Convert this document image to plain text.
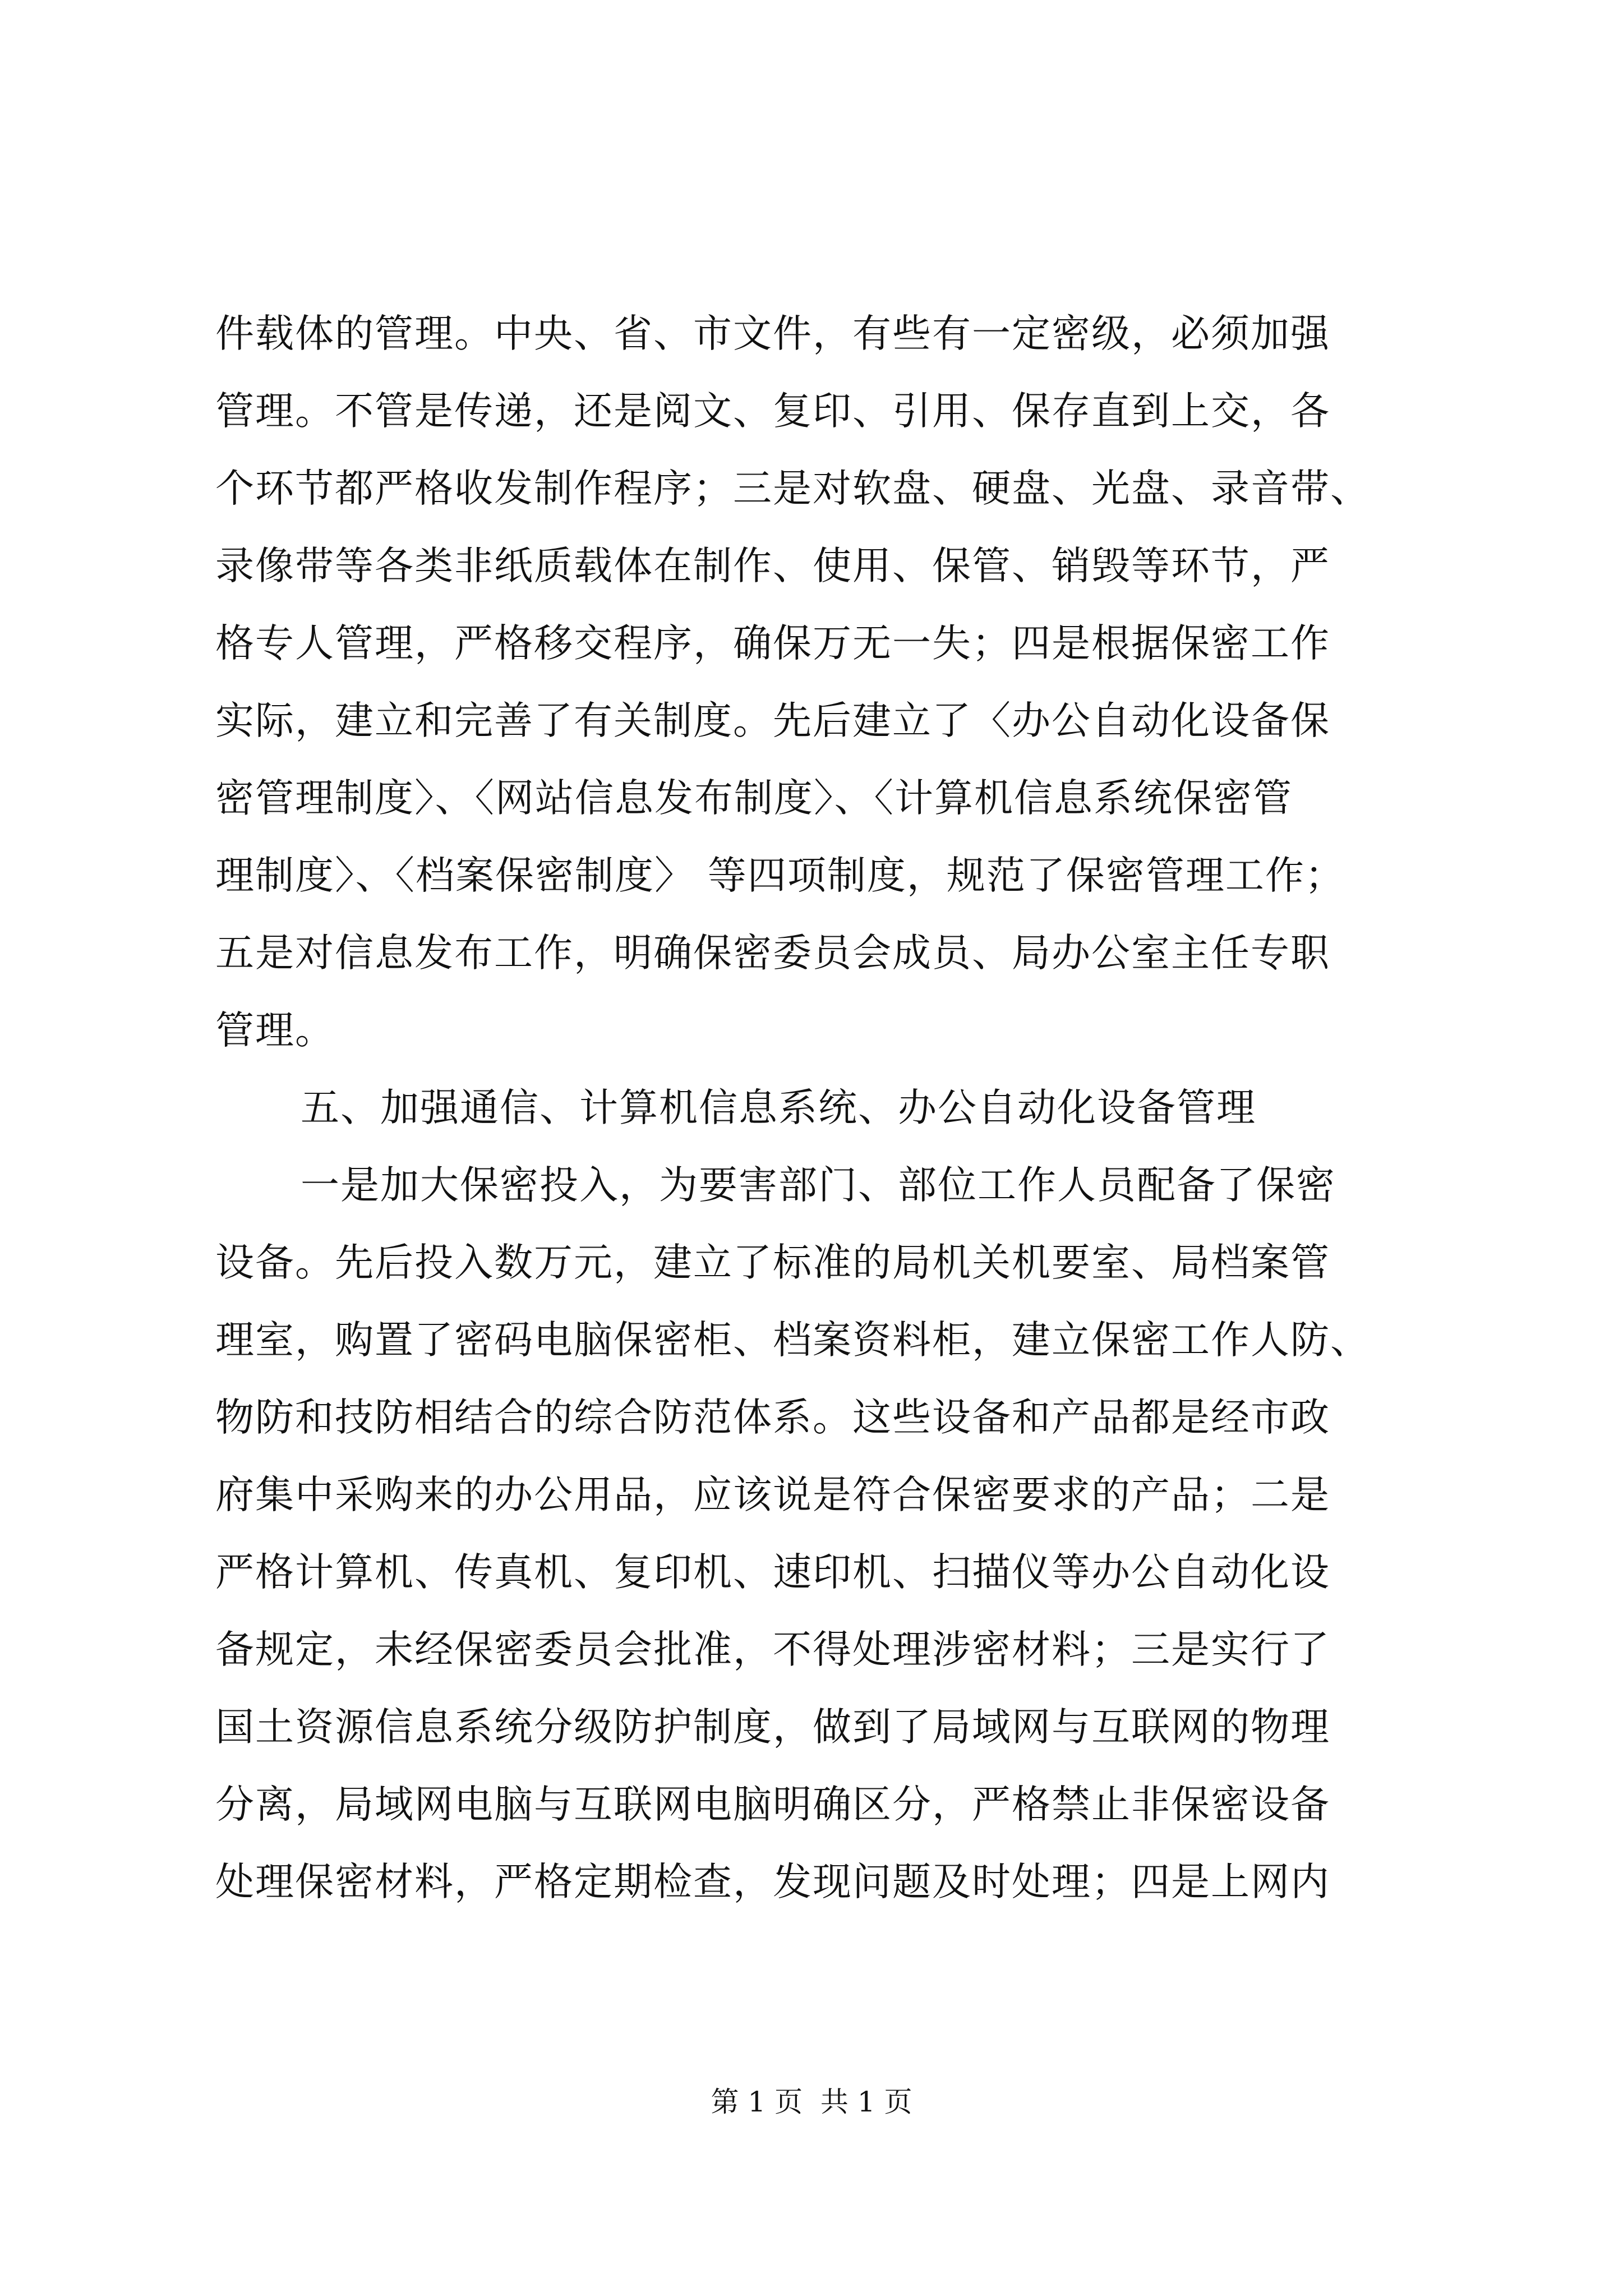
件载体的管理。中央、省、市文件，有些有一定密级，必须加强
管理。不管是传递，还是阅文、复印、引用、保存直到上交，各
个环节都严格收发制作程序；三是对软盘、硬盘、光盘、录音带、
录像带等各类非纸质载体在制作、使用、保管、销毁等环节，严
格专人管理，严格移交程序，确保万无一失；四是根据保密工作
实际，建立和完善了有关制度。先后建立了〈办公自动化设备保
密管理制度〉、〈网站信息发布制度〉、〈计算机信息系统保密管
理制度〉、〈档案保密制度〉 等四项制度，规范了保密管理工作；
五是对信息发布工作，明确保密委员会成员、局办公室主任专职
管理。
五、加强通信、计算机信息系统、办公自动化设备管理
一是加大保密投入，为要害部门、部位工作人员配备了保密
设备。先后投入数万元，建立了标准的局机关机要室、局档案管
理室，购置了密码电脑保密柜、档案资料柜，建立保密工作人防、
物防和技防相结合的综合防范体系。这些设备和产品都是经市政
府集中采购来的办公用品，应该说是符合保密要求的产品；二是
严格计算机、传真机、复印机、速印机、扫描仪等办公自动化设
备规定，未经保密委员会批准，不得处理涉密材料；三是实行了
国土资源信息系统分级防护制度，做到了局域网与互联网的物理
分离，局域网电脑与互联网电脑明确区分，严格禁止非保密设备
处理保密材料，严格定期检查，发现问题及时处理；四是上网内
第 1 页  共 1 页
